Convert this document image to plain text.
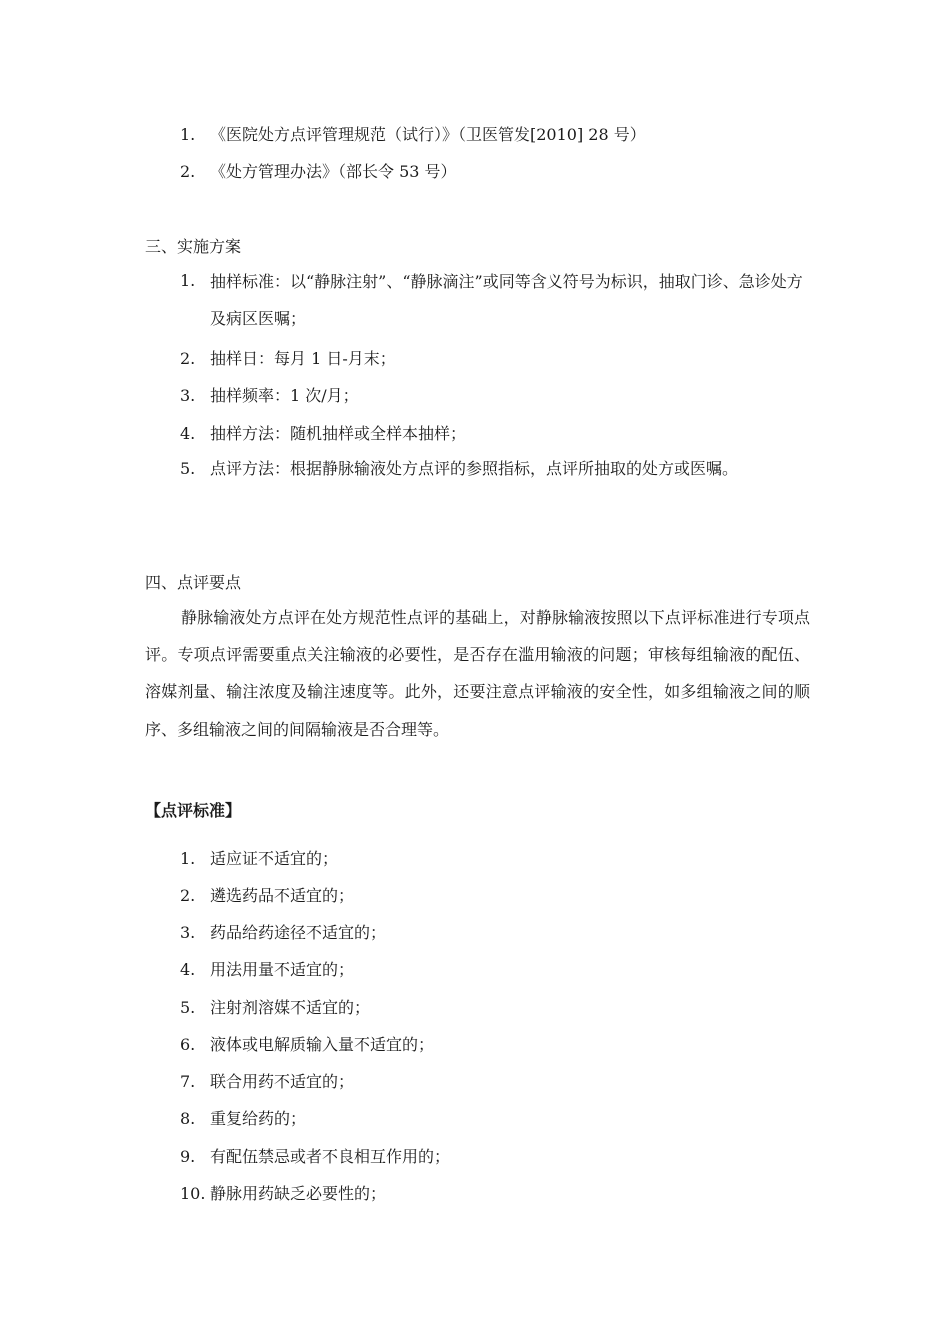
1. 《医院处方点评管理规范（试行）》（卫医管发[2010] 28 号）
2. 《处方管理办法》（部长令 53 号）
三、实施方案
1. 抽样标准：以“静脉注射”、“静脉滴注”或同等含义符号为标识，抽取门诊、急诊处方及病区医嘱；
2. 抽样日：每月 1 日-月末；
3. 抽样频率：1 次/月；
4. 抽样方法：随机抽样或全样本抽样；
5. 点评方法：根据静脉输液处方点评的参照指标，点评所抽取的处方或医嘱。
四、点评要点
静脉输液处方点评在处方规范性点评的基础上，对静脉输液按照以下点评标准进行专项点评。专项点评需要重点关注输液的必要性，是否存在滥用输液的问题；审核每组输液的配伍、溶媒剂量、输注浓度及输注速度等。此外，还要注意点评输液的安全性，如多组输液之间的顺序、多组输液之间的间隔输液是否合理等。
【点评标准】
1. 适应证不适宜的；
2. 遴选药品不适宜的；
3. 药品给药途径不适宜的；
4. 用法用量不适宜的；
5. 注射剂溶媒不适宜的；
6. 液体或电解质输入量不适宜的；
7. 联合用药不适宜的；
8. 重复给药的；
9. 有配伍禁忌或者不良相互作用的；
10. 静脉用药缺乏必要性的；
